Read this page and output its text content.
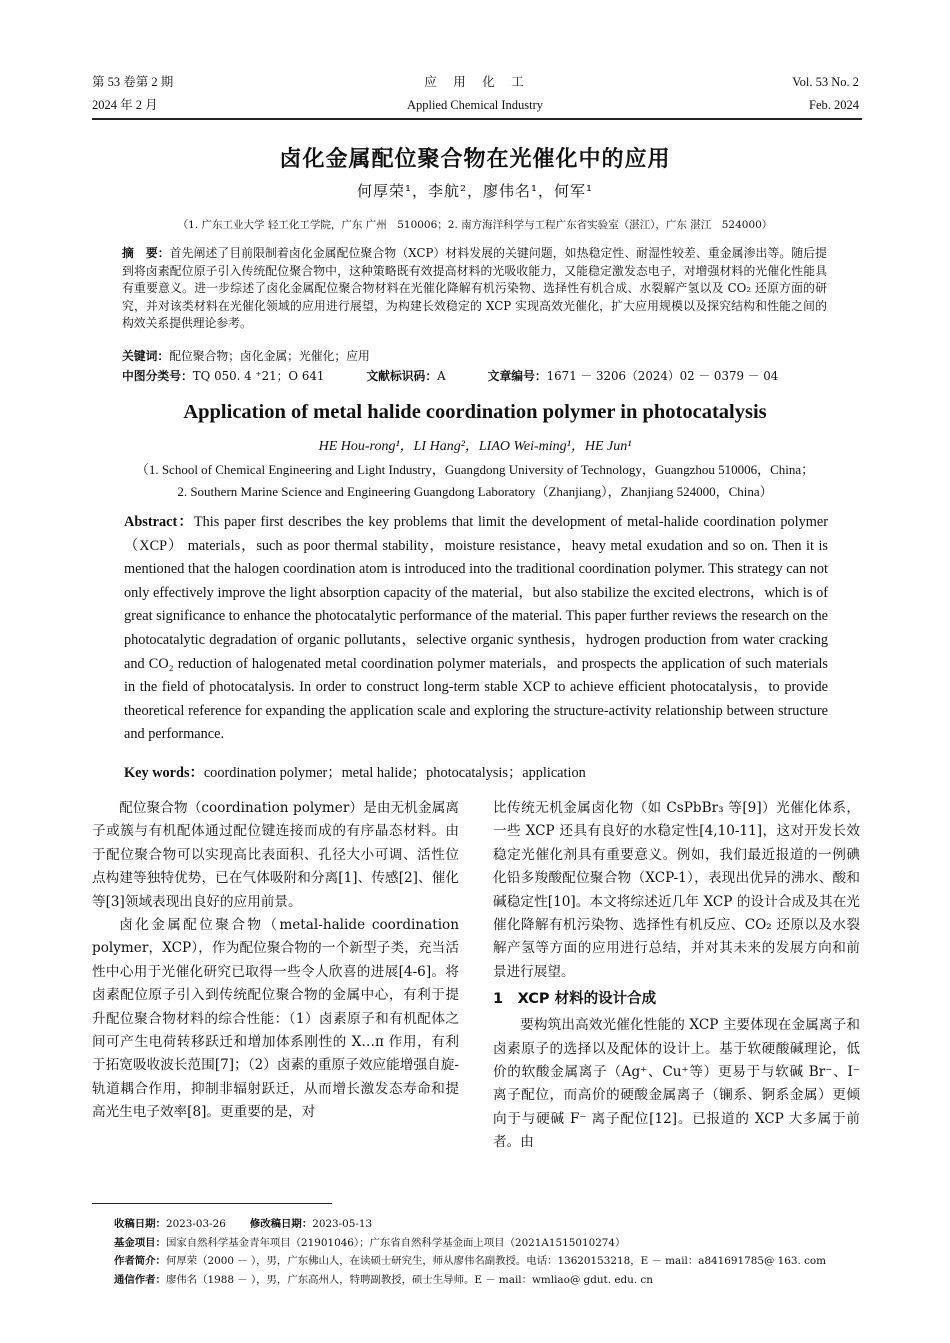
第 53 卷第 2 期
2024 年 2 月
应　用　化　工
Applied Chemical Industry
Vol. 53 No. 2
Feb. 2024
卤化金属配位聚合物在光催化中的应用
何厚荣¹，李航²，廖伟名¹，何军¹
（1. 广东工业大学 轻工化工学院，广东 广州　510006；2. 南方海洋科学与工程广东省实验室（湛江），广东 湛江　524000）
摘　要：首先阐述了目前限制着卤化金属配位聚合物（XCP）材料发展的关键问题，如热稳定性、耐湿性较差、重金属渗出等。随后提到将卤素配位原子引入传统配位聚合物中，这种策略既有效提高材料的光吸收能力，又能稳定激发态电子，对增强材料的光催化性能具有重要意义。进一步综述了卤化金属配位聚合物材料在光催化降解有机污染物、选择性有机合成、水裂解产氢以及 CO₂ 还原方面的研究，并对该类材料在光催化领域的应用进行展望，为构建长效稳定的 XCP 实现高效光催化，扩大应用规模以及探究结构和性能之间的构效关系提供理论参考。
关键词：配位聚合物；卤化金属；光催化；应用
中图分类号：TQ 050. 4 ⁺21；O 641	文献标识码：A	文章编号：1671 － 3206（2024）02 － 0379 － 04
Application of metal halide coordination polymer in photocatalysis
HE Hou-rong¹，LI Hang²，LIAO Wei-ming¹，HE Jun¹
（1. School of Chemical Engineering and Light Industry，Guangdong University of Technology，Guangzhou 510006，China；
2. Southern Marine Science and Engineering Guangdong Laboratory（Zhanjiang），Zhanjiang 524000，China）
Abstract：This paper first describes the key problems that limit the development of metal-halide coordination polymer（XCP） materials，such as poor thermal stability，moisture resistance，heavy metal exudation and so on. Then it is mentioned that the halogen coordination atom is introduced into the traditional coordination polymer. This strategy can not only effectively improve the light absorption capacity of the material，but also stabilize the excited electrons，which is of great significance to enhance the photocatalytic performance of the material. This paper further reviews the research on the photocatalytic degradation of organic pollutants，selective organic synthesis，hydrogen production from water cracking and CO₂ reduction of halogenated metal coordination polymer materials，and prospects the application of such materials in the field of photocatalysis. In order to construct long-term stable XCP to achieve efficient photocatalysis，to provide theoretical reference for expanding the application scale and exploring the structure-activity relationship between structure and performance.
Key words：coordination polymer；metal halide；photocatalysis；application

配位聚合物（coordination polymer）是由无机金属离子或簇与有机配体通过配位键连接而成的有序晶态材料。由于配位聚合物可以实现高比表面积、孔径大小可调、活性位点构建等独特优势，已在气体吸附和分离[1]、传感[2]、催化等[3]领域表现出良好的应用前景。

卤化金属配位聚合物（metal-halide coordination polymer，XCP），作为配位聚合物的一个新型子类，充当活性中心用于光催化研究已取得一些令人欣喜的进展[4-6]。将卤素配位原子引入到传统配位聚合物的金属中心，有利于提升配位聚合物材料的综合性能：（1）卤素原子和有机配体之间可产生电荷转移跃迁和增加体系刚性的 X…π 作用，有利于拓宽吸收波长范围[7]；（2）卤素的重原子效应能增强自旋-轨道耦合作用，抑制非辐射跃迁，从而增长激发态寿命和提高光生电子效率[8]。更重要的是，对

比传统无机金属卤化物（如 CsPbBr₃ 等[9]）光催化体系，一些 XCP 还具有良好的水稳定性[4,10-11]，这对开发长效稳定光催化剂具有重要意义。例如，我们最近报道的一例碘化铅多羧酸配位聚合物（XCP-1），表现出优异的沸水、酸和碱稳定性[10]。本文将综述近几年 XCP 的设计合成及其在光催化降解有机污染物、选择性有机反应、CO₂ 还原以及水裂解产氢等方面的应用进行总结，并对其未来的发展方向和前景进行展望。

1　XCP 材料的设计合成

要构筑出高效光催化性能的 XCP 主要体现在金属离子和卤素原子的选择以及配体的设计上。基于软硬酸碱理论，低价的软酸金属离子（Ag⁺、Cu⁺等）更易于与软碱 Br⁻、I⁻ 离子配位，而高价的硬酸金属离子（镧系、锕系金属）更倾向于与硬碱 F⁻ 离子配位[12]。已报道的 XCP 大多属于前者。由

收稿日期：2023-03-26 修改稿日期：2023-05-13
基金项目：国家自然科学基金青年项目（21901046）；广东省自然科学基金面上项目（2021A1515010274）
作者简介：何厚荣（2000 － ），男，广东佛山人，在读硕士研究生，师从廖伟名副教授。电话：13620153218，E － mail：a841691785@ 163. com
通信作者：廖伟名（1988 － ），男，广东高州人，特聘副教授，硕士生导师。E － mail：wmliao@ gdut. edu. cn
